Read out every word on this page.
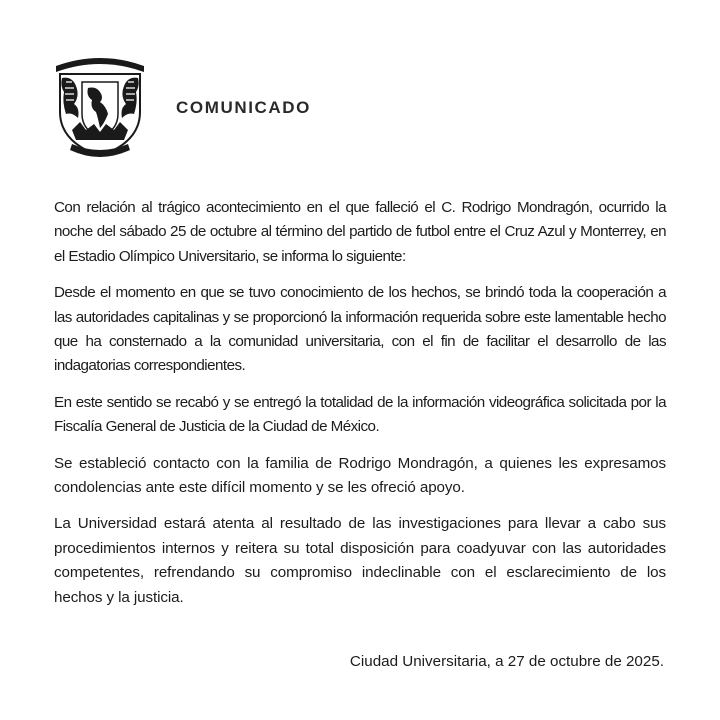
COMUNICADO

Con relación al trágico acontecimiento en el que falleció el C. Rodrigo Mondragón, ocurrido la noche del sábado 25 de octubre al término del partido de futbol entre el Cruz Azul y Monterrey, en el Estadio Olímpico Universitario, se informa lo siguiente:

Desde el momento en que se tuvo conocimiento de los hechos, se brindó toda la cooperación a las autoridades capitalinas y se proporcionó la información requerida sobre este lamentable hecho que ha consternado a la comunidad universitaria, con el fin de facilitar el desarrollo de las indagatorias correspondientes.

En este sentido se recabó y se entregó la totalidad de la información videográfica solicitada por la Fiscalía General de Justicia de la Ciudad de México.

Se estableció contacto con la familia de Rodrigo Mondragón, a quienes les expresamos condolencias ante este difícil momento y se les ofreció apoyo.

La Universidad estará atenta al resultado de las investigaciones para llevar a cabo sus procedimientos internos y reitera su total disposición para coadyuvar con las autoridades competentes, refrendando su compromiso indeclinable con el esclarecimiento de los hechos y la justicia.

Ciudad Universitaria, a 27 de octubre de 2025.
